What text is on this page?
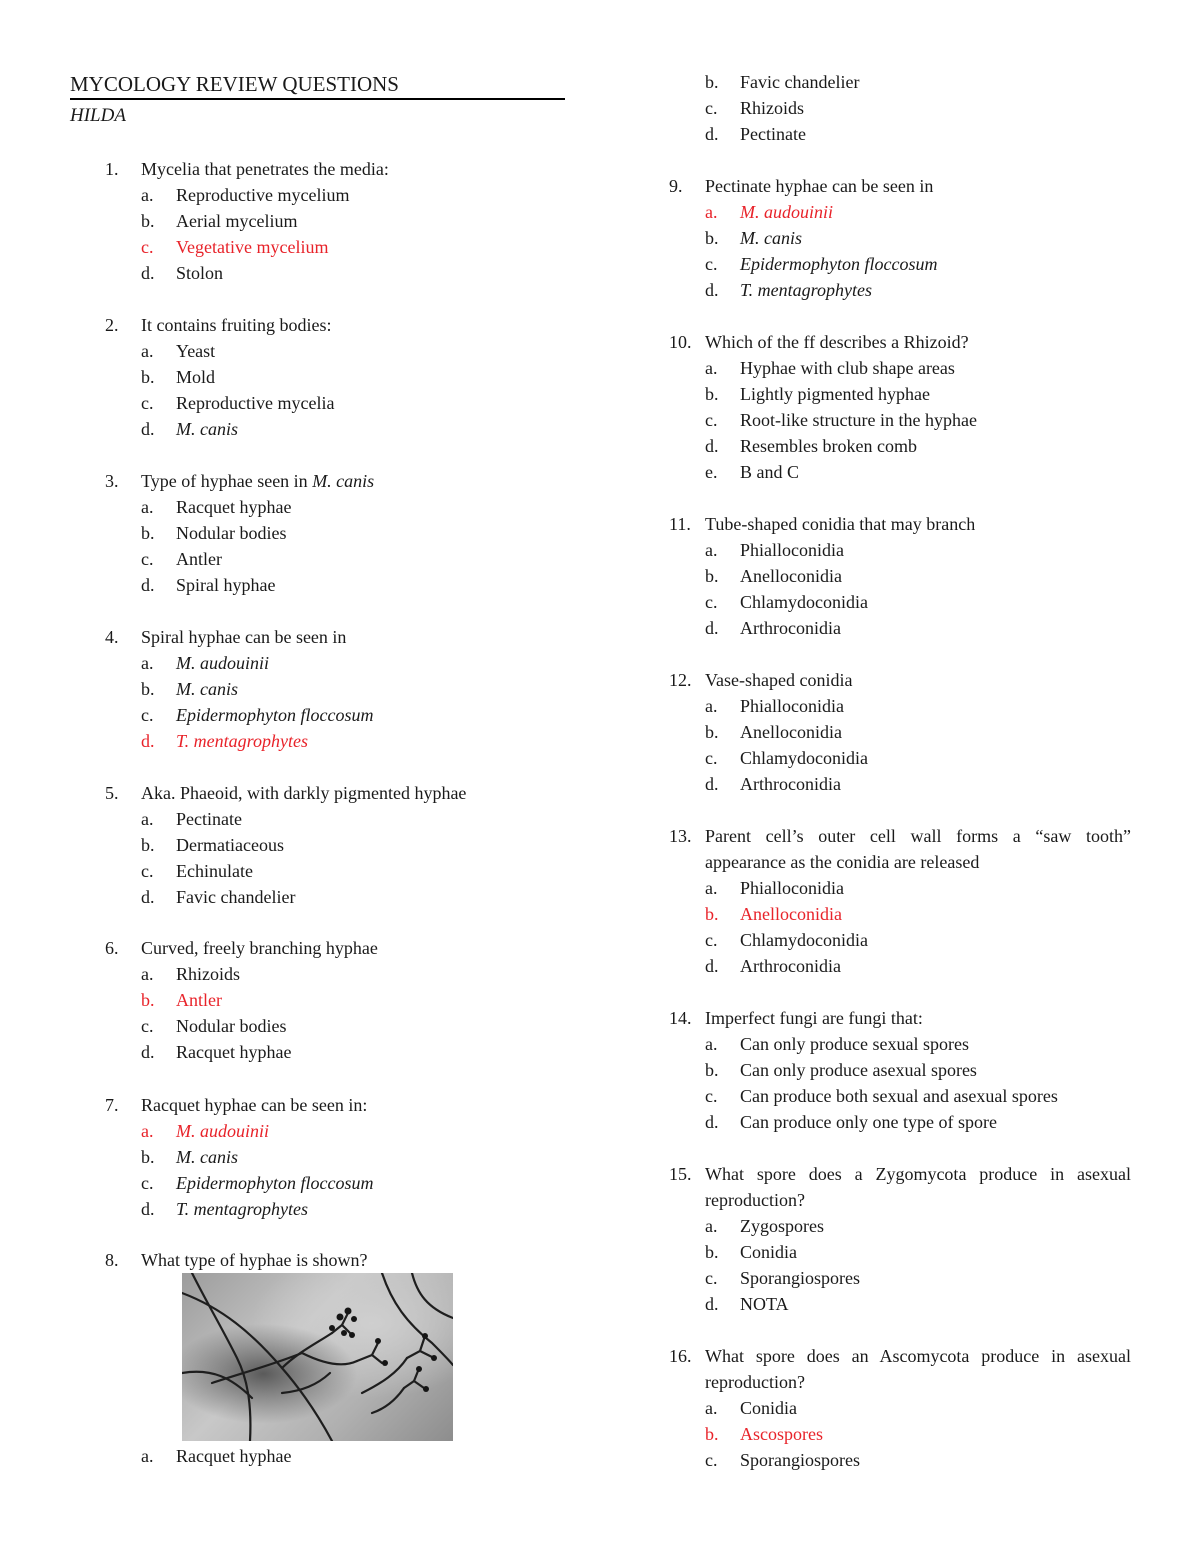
MYCOLOGY REVIEW QUESTIONS
HILDA
1.	Mycelia that penetrates the media:
a. Reproductive mycelium
b. Aerial mycelium
c. Vegetative mycelium
d. Stolon
2.	It contains fruiting bodies:
a. Yeast
b. Mold
c. Reproductive mycelia
d. M. canis
3.	Type of hyphae seen in M. canis
a. Racquet hyphae
b. Nodular bodies
c. Antler
d. Spiral hyphae
4.	Spiral hyphae can be seen in
a. M. audouinii
b. M. canis
c. Epidermophyton floccosum
d. T. mentagrophytes
5.	Aka. Phaeoid, with darkly pigmented hyphae
a. Pectinate
b. Dermatiaceous
c. Echinulate
d. Favic chandelier
6.	Curved, freely branching hyphae
a. Rhizoids
b. Antler
c. Nodular bodies
d. Racquet hyphae
7.	Racquet hyphae can be seen in:
a. M. audouinii
b. M. canis
c. Epidermophyton floccosum
d. T. mentagrophytes
8.	What type of hyphae is shown?
a. Racquet hyphae
b. Favic chandelier
c. Rhizoids
d. Pectinate
9.	Pectinate hyphae can be seen in
a. M. audouinii
b. M. canis
c. Epidermophyton floccosum
d. T. mentagrophytes
10. Which of the ff describes a Rhizoid?
a. Hyphae with club shape areas
b. Lightly pigmented hyphae
c. Root-like structure in the hyphae
d. Resembles broken comb
e. B and C
11. Tube-shaped conidia that may branch
a. Phialloconidia
b. Anelloconidia
c. Chlamydoconidia
d. Arthroconidia
12. Vase-shaped conidia
a. Phialloconidia
b. Anelloconidia
c. Chlamydoconidia
d. Arthroconidia
13. Parent cell’s outer cell wall forms a “saw tooth” appearance as the conidia are released
a. Phialloconidia
b. Anelloconidia
c. Chlamydoconidia
d. Arthroconidia
14. Imperfect fungi are fungi that:
a. Can only produce sexual spores
b. Can only produce asexual spores
c. Can produce both sexual and asexual spores
d. Can produce only one type of spore
15. What spore does a Zygomycota produce in asexual reproduction?
a. Zygospores
b. Conidia
c. Sporangiospores
d. NOTA
16. What spore does an Ascomycota produce in asexual reproduction?
a. Conidia
b. Ascospores
c. Sporangiospores
